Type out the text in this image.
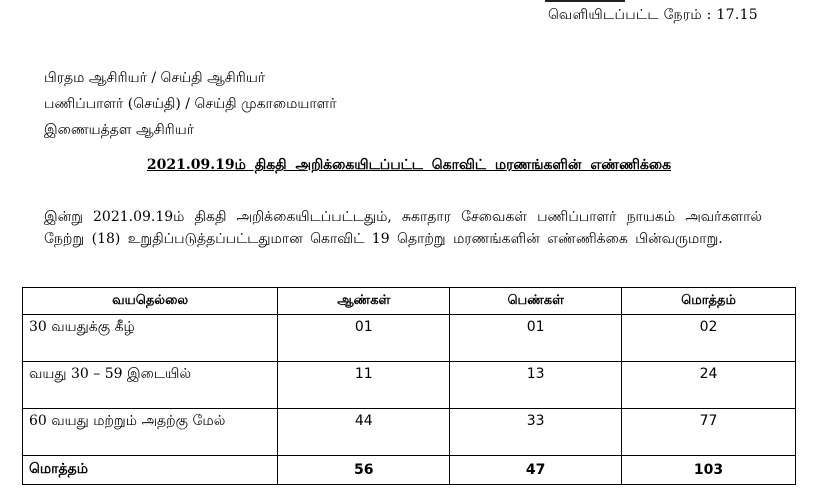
வெளியிடப்பட்ட நேரம் : 17.15
பிரதம ஆசிரியர் / செய்தி ஆசிரியர்
பணிப்பாளர் (செய்தி) / செய்தி முகாமையாளர்
இணையத்தள ஆசிரியர்
2021.09.19ம் திகதி அறிக்கையிடப்பட்ட கொவிட் மரணங்களின் எண்ணிக்கை
இன்று 2021.09.19ம் திகதி அறிக்கையிடப்பட்டதும், சுகாதார சேவைகள் பணிப்பாளர் நாயகம் அவர்களால் நேற்று (18) உறுதிப்படுத்தப்பட்டதுமான கொவிட் 19 தொற்று மரணங்களின் எண்ணிக்கை பின்வருமாறு.
வயதெல்லை	ஆண்கள்	பெண்கள்	மொத்தம்
30 வயதுக்கு கீழ்	01	01	02
வயது 30 – 59 இடையில்	11	13	24
60 வயது மற்றும் அதற்கு மேல்	44	33	77
மொத்தம்	56	47	103
